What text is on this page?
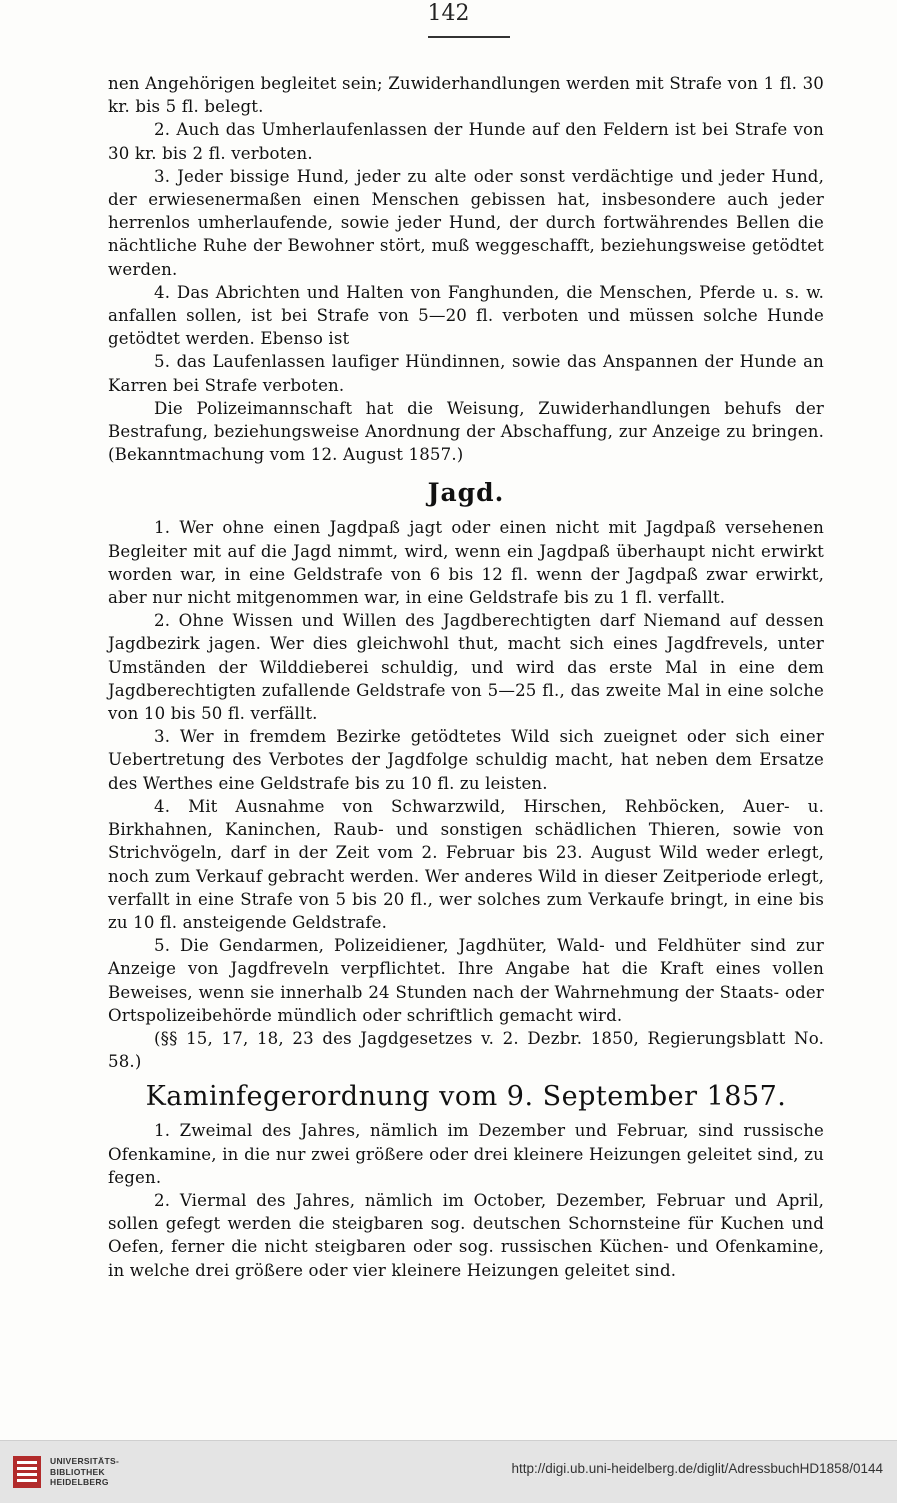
142

nen Angehörigen begleitet sein; Zuwiderhandlungen werden mit Strafe von 1 fl. 30 kr. bis 5 fl. belegt.

2. Auch das Umherlaufenlassen der Hunde auf den Feldern ist bei Strafe von 30 kr. bis 2 fl. verboten.

3. Jeder bissige Hund, jeder zu alte oder sonst verdächtige und jeder Hund, der erwiesenermaßen einen Menschen gebissen hat, insbesondere auch jeder herrenlos umherlaufende, sowie jeder Hund, der durch fortwährendes Bellen die nächtliche Ruhe der Bewohner stört, muß weggeschafft, beziehungsweise getödtet werden.

4. Das Abrichten und Halten von Fanghunden, die Menschen, Pferde u. s. w. anfallen sollen, ist bei Strafe von 5—20 fl. verboten und müssen solche Hunde getödtet werden. Ebenso ist

5. das Laufenlassen laufiger Hündinnen, sowie das Anspannen der Hunde an Karren bei Strafe verboten.

Die Polizeimannschaft hat die Weisung, Zuwiderhandlungen behufs der Bestrafung, beziehungsweise Anordnung der Abschaffung, zur Anzeige zu bringen. (Bekanntmachung vom 12. August 1857.)

Jagd.

1. Wer ohne einen Jagdpaß jagt oder einen nicht mit Jagdpaß versehenen Begleiter mit auf die Jagd nimmt, wird, wenn ein Jagdpaß überhaupt nicht erwirkt worden war, in eine Geldstrafe von 6 bis 12 fl. wenn der Jagdpaß zwar erwirkt, aber nur nicht mitgenommen war, in eine Geldstrafe bis zu 1 fl. verfallt.

2. Ohne Wissen und Willen des Jagdberechtigten darf Niemand auf dessen Jagdbezirk jagen. Wer dies gleichwohl thut, macht sich eines Jagdfrevels, unter Umständen der Wilddieberei schuldig, und wird das erste Mal in eine dem Jagdberechtigten zufallende Geldstrafe von 5—25 fl., das zweite Mal in eine solche von 10 bis 50 fl. verfällt.

3. Wer in fremdem Bezirke getödtetes Wild sich zueignet oder sich einer Uebertretung des Verbotes der Jagdfolge schuldig macht, hat neben dem Ersatze des Werthes eine Geldstrafe bis zu 10 fl. zu leisten.

4. Mit Ausnahme von Schwarzwild, Hirschen, Rehböcken, Auer- u. Birkhahnen, Kaninchen, Raub- und sonstigen schädlichen Thieren, sowie von Strichvögeln, darf in der Zeit vom 2. Februar bis 23. August Wild weder erlegt, noch zum Verkauf gebracht werden. Wer anderes Wild in dieser Zeitperiode erlegt, verfallt in eine Strafe von 5 bis 20 fl., wer solches zum Verkaufe bringt, in eine bis zu 10 fl. ansteigende Geldstrafe.

5. Die Gendarmen, Polizeidiener, Jagdhüter, Wald- und Feldhüter sind zur Anzeige von Jagdfreveln verpflichtet. Ihre Angabe hat die Kraft eines vollen Beweises, wenn sie innerhalb 24 Stunden nach der Wahrnehmung der Staats- oder Ortspolizeibehörde mündlich oder schriftlich gemacht wird.

(§§ 15, 17, 18, 23 des Jagdgesetzes v. 2. Dezbr. 1850, Regierungsblatt No. 58.)

Kaminfegerordnung vom 9. September 1857.

1. Zweimal des Jahres, nämlich im Dezember und Februar, sind russische Ofenkamine, in die nur zwei größere oder drei kleinere Heizungen geleitet sind, zu fegen.

2. Viermal des Jahres, nämlich im October, Dezember, Februar und April, sollen gefegt werden die steigbaren sog. deutschen Schornsteine für Kuchen und Oefen, ferner die nicht steigbaren oder sog. russischen Küchen- und Ofenkamine, in welche drei größere oder vier kleinere Heizungen geleitet sind.

UNIVERSITÄTS-
BIBLIOTHEK
HEIDELBERG
http://digi.ub.uni-heidelberg.de/diglit/AdressbuchHD1858/0144
